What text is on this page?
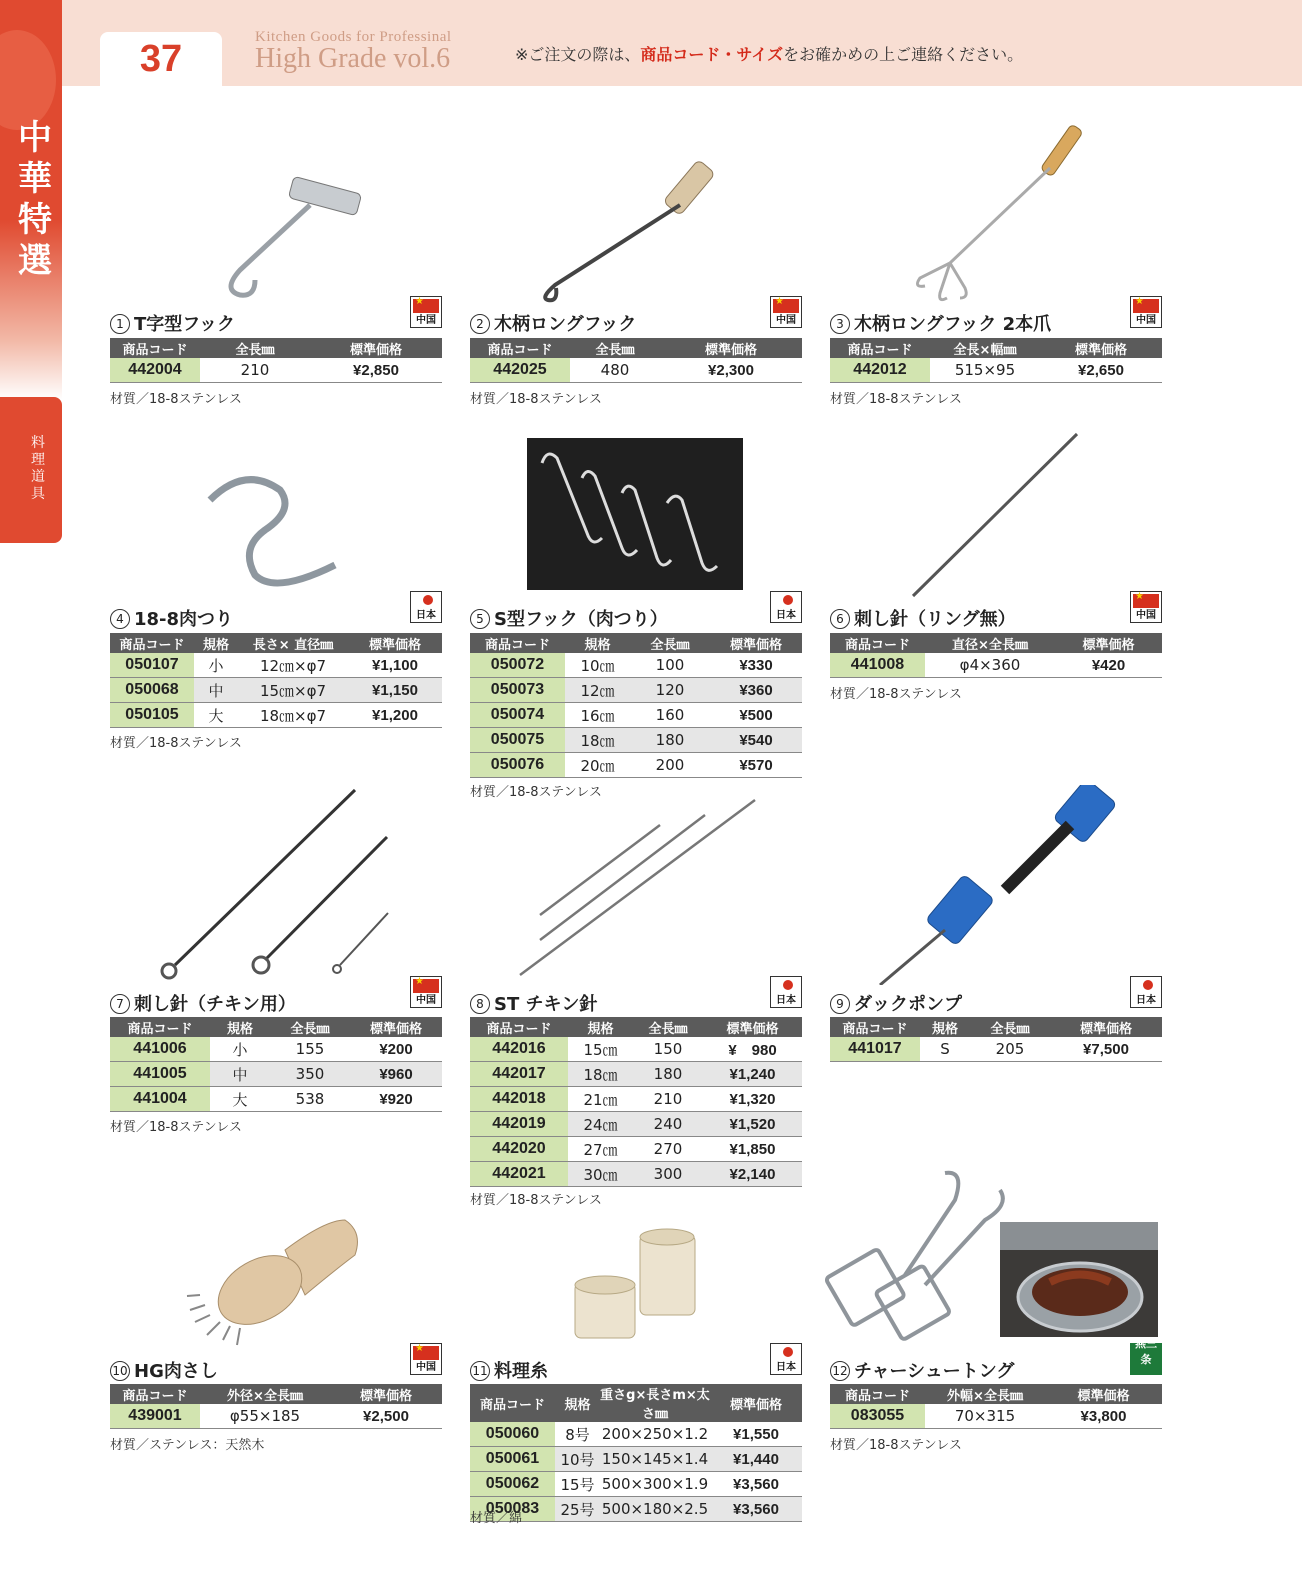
37
Kitchen Goods for Professinal
High Grade vol.6	※ご注文の際は、商品コード・サイズをお確かめの上ご連絡ください。
中
華
特
選
料理道具
1 T字型フック
★	中国
商品コード	全長㎜	標準価格
442004	210	¥2,850
材質／18-8ステンレス
2 木柄ロングフック
★	中国
商品コード	全長㎜	標準価格
442025	480	¥2,300
材質／18-8ステンレス
3 木柄ロングフック 2本爪
★	中国
商品コード	全長×幅㎜	標準価格
442012	515×95	¥2,650
材質／18-8ステンレス
4 18-8肉つり	日本
商品コード	規格	長さ× 直径㎜	標準価格
050107	小	12㎝×φ7	¥1,100
050068	中	15㎝×φ7	¥1,150
050105	大	18㎝×φ7	¥1,200
材質／18-8ステンレス
5 S型フック（肉つり）	日本
商品コード	規格	全長㎜	標準価格
050072	10㎝	100	¥330
050073	12㎝	120	¥360
050074	16㎝	160	¥500
050075	18㎝	180	¥540
050076	20㎝	200	¥570
材質／18-8ステンレス
6 刺し針（リング無）
★	中国
商品コード	直径×全長㎜	標準価格
441008	φ4×360	¥420
材質／18-8ステンレス
7 刺し針（チキン用）
★	中国
商品コード	規格	全長㎜	標準価格
441006	小	155	¥200
441005	中	350	¥960
441004	大	538	¥920
材質／18-8ステンレス
8 ST チキン針	日本
商品コード	規格	全長㎜	標準価格
442016	15㎝	150	¥　980
442017	18㎝	180	¥1,240
442018	21㎝	210	¥1,320
442019	24㎝	240	¥1,520
442020	27㎝	270	¥1,850
442021	30㎝	300	¥2,140
材質／18-8ステンレス
9 ダックポンプ	日本
商品コード	規格	全長㎜	標準価格
441017	S	205	¥7,500
10 HG肉さし
★	中国
商品コード	外径×全長㎜	標準価格
439001	φ55×185	¥2,500
材質／ステンレス：天然木
11 料理糸	日本
商品コード	規格	重さg×長さm×太さ㎜	標準価格
050060	8号	200×250×1.2	¥1,550
050061	10号	150×145×1.4	¥1,440
050062	15号	500×300×1.9	¥3,560
050083	25号	500×180×2.5	¥3,560
材質／綿
12 チャーシュートング
燕三条
商品コード	外幅×全長㎜	標準価格
083055	70×315	¥3,800
材質／18-8ステンレス
